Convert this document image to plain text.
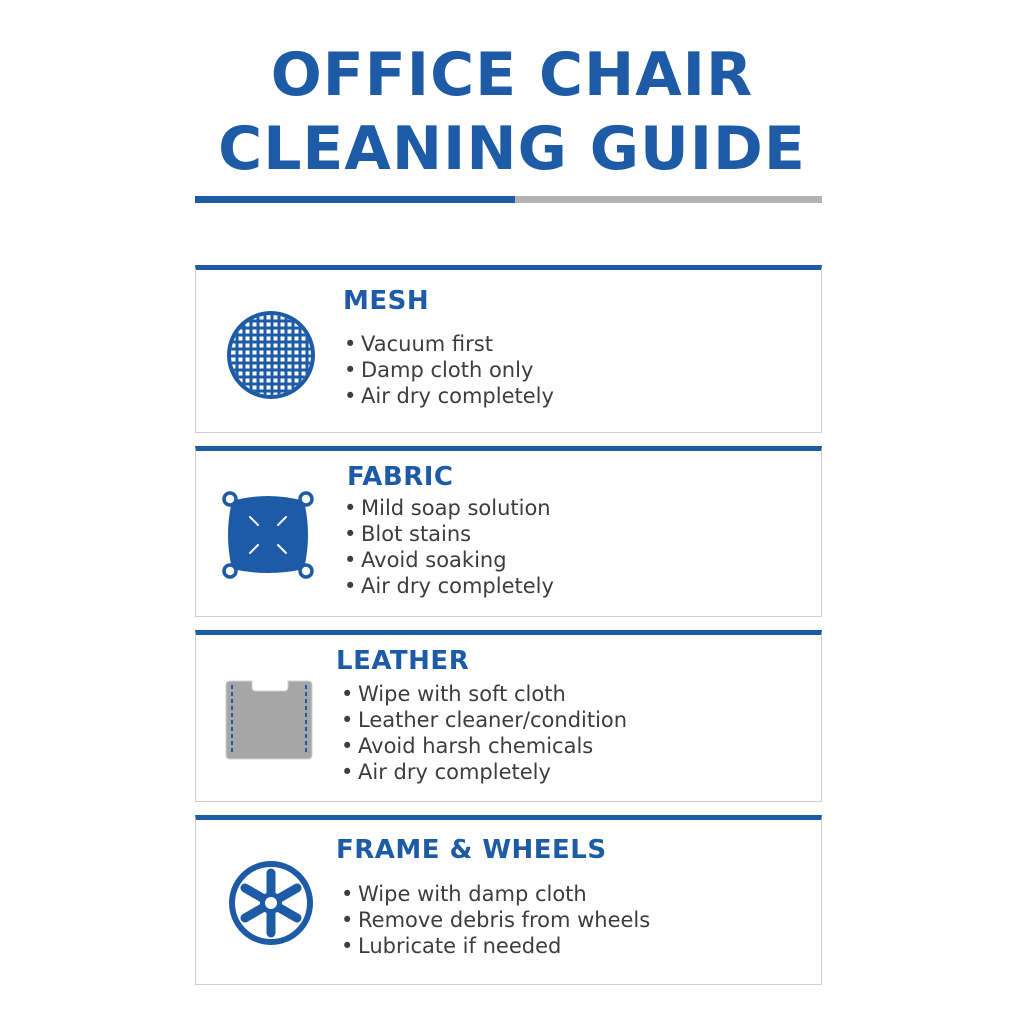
OFFICE CHAIR
CLEANING GUIDE
MESH
• Vacuum first
• Damp cloth only
• Air dry completely
FABRIC
• Mild soap solution
• Blot stains
• Avoid soaking
• Air dry completely
LEATHER
• Wipe with soft cloth
• Leather cleaner/condition
• Avoid harsh chemicals
• Air dry completely
FRAME & WHEELS
• Wipe with damp cloth
• Remove debris from wheels
• Lubricate if needed
